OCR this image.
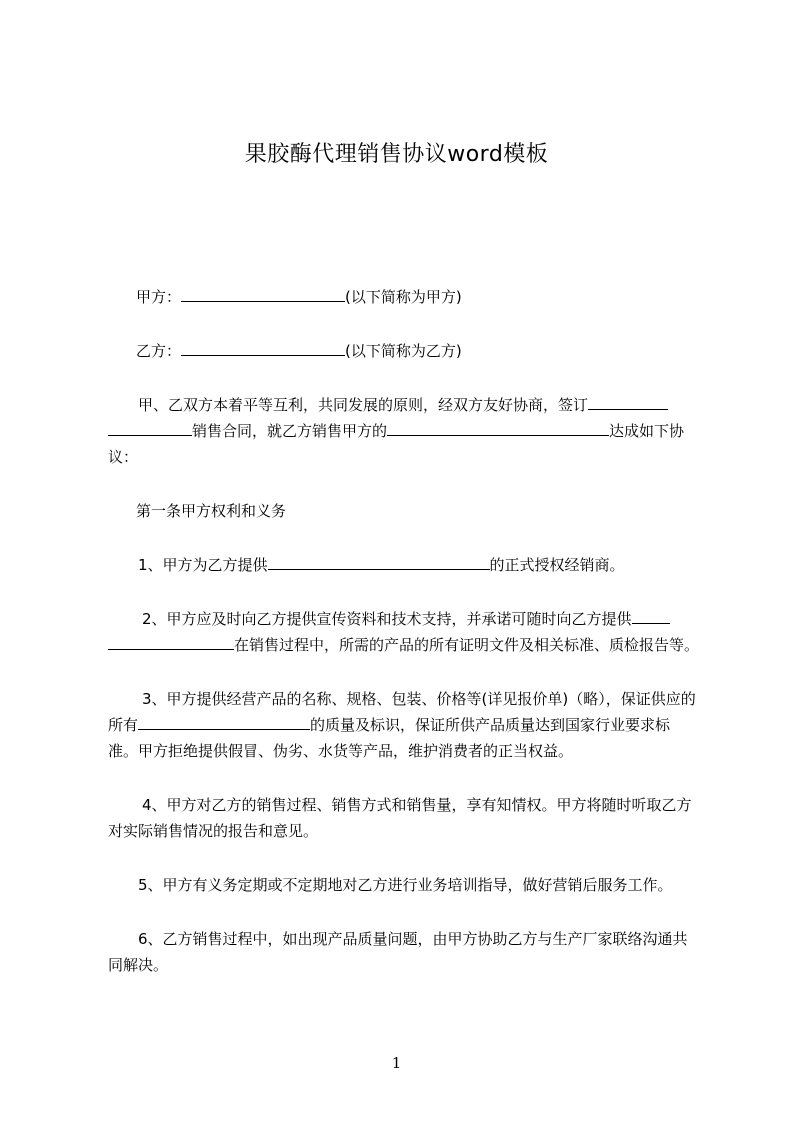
果胶酶代理销售协议word模板

甲方：	(以下简称为甲方)

乙方：	(以下简称为乙方)

甲、乙双方本着平等互利，共同发展的原则，经双方友好协商，签订销售合同，就乙方销售甲方的	达成如下协议：

第一条甲方权利和义务

1、甲方为乙方提供	的正式授权经销商。

2、甲方应及时向乙方提供宣传资料和技术支持，并承诺可随时向乙方提供在销售过程中，所需的产品的所有证明文件及相关标准、质检报告等。

3、甲方提供经营产品的名称、规格、包装、价格等(详见报价单)（略），保证供应的所有	的质量及标识，保证所供产品质量达到国家行业要求标准。甲方拒绝提供假冒、伪劣、水货等产品，维护消费者的正当权益。

4、甲方对乙方的销售过程、销售方式和销售量，享有知情权。甲方将随时听取乙方对实际销售情况的报告和意见。

5、甲方有义务定期或不定期地对乙方进行业务培训指导，做好营销后服务工作。

6、乙方销售过程中，如出现产品质量问题，由甲方协助乙方与生产厂家联络沟通共同解决。

1
